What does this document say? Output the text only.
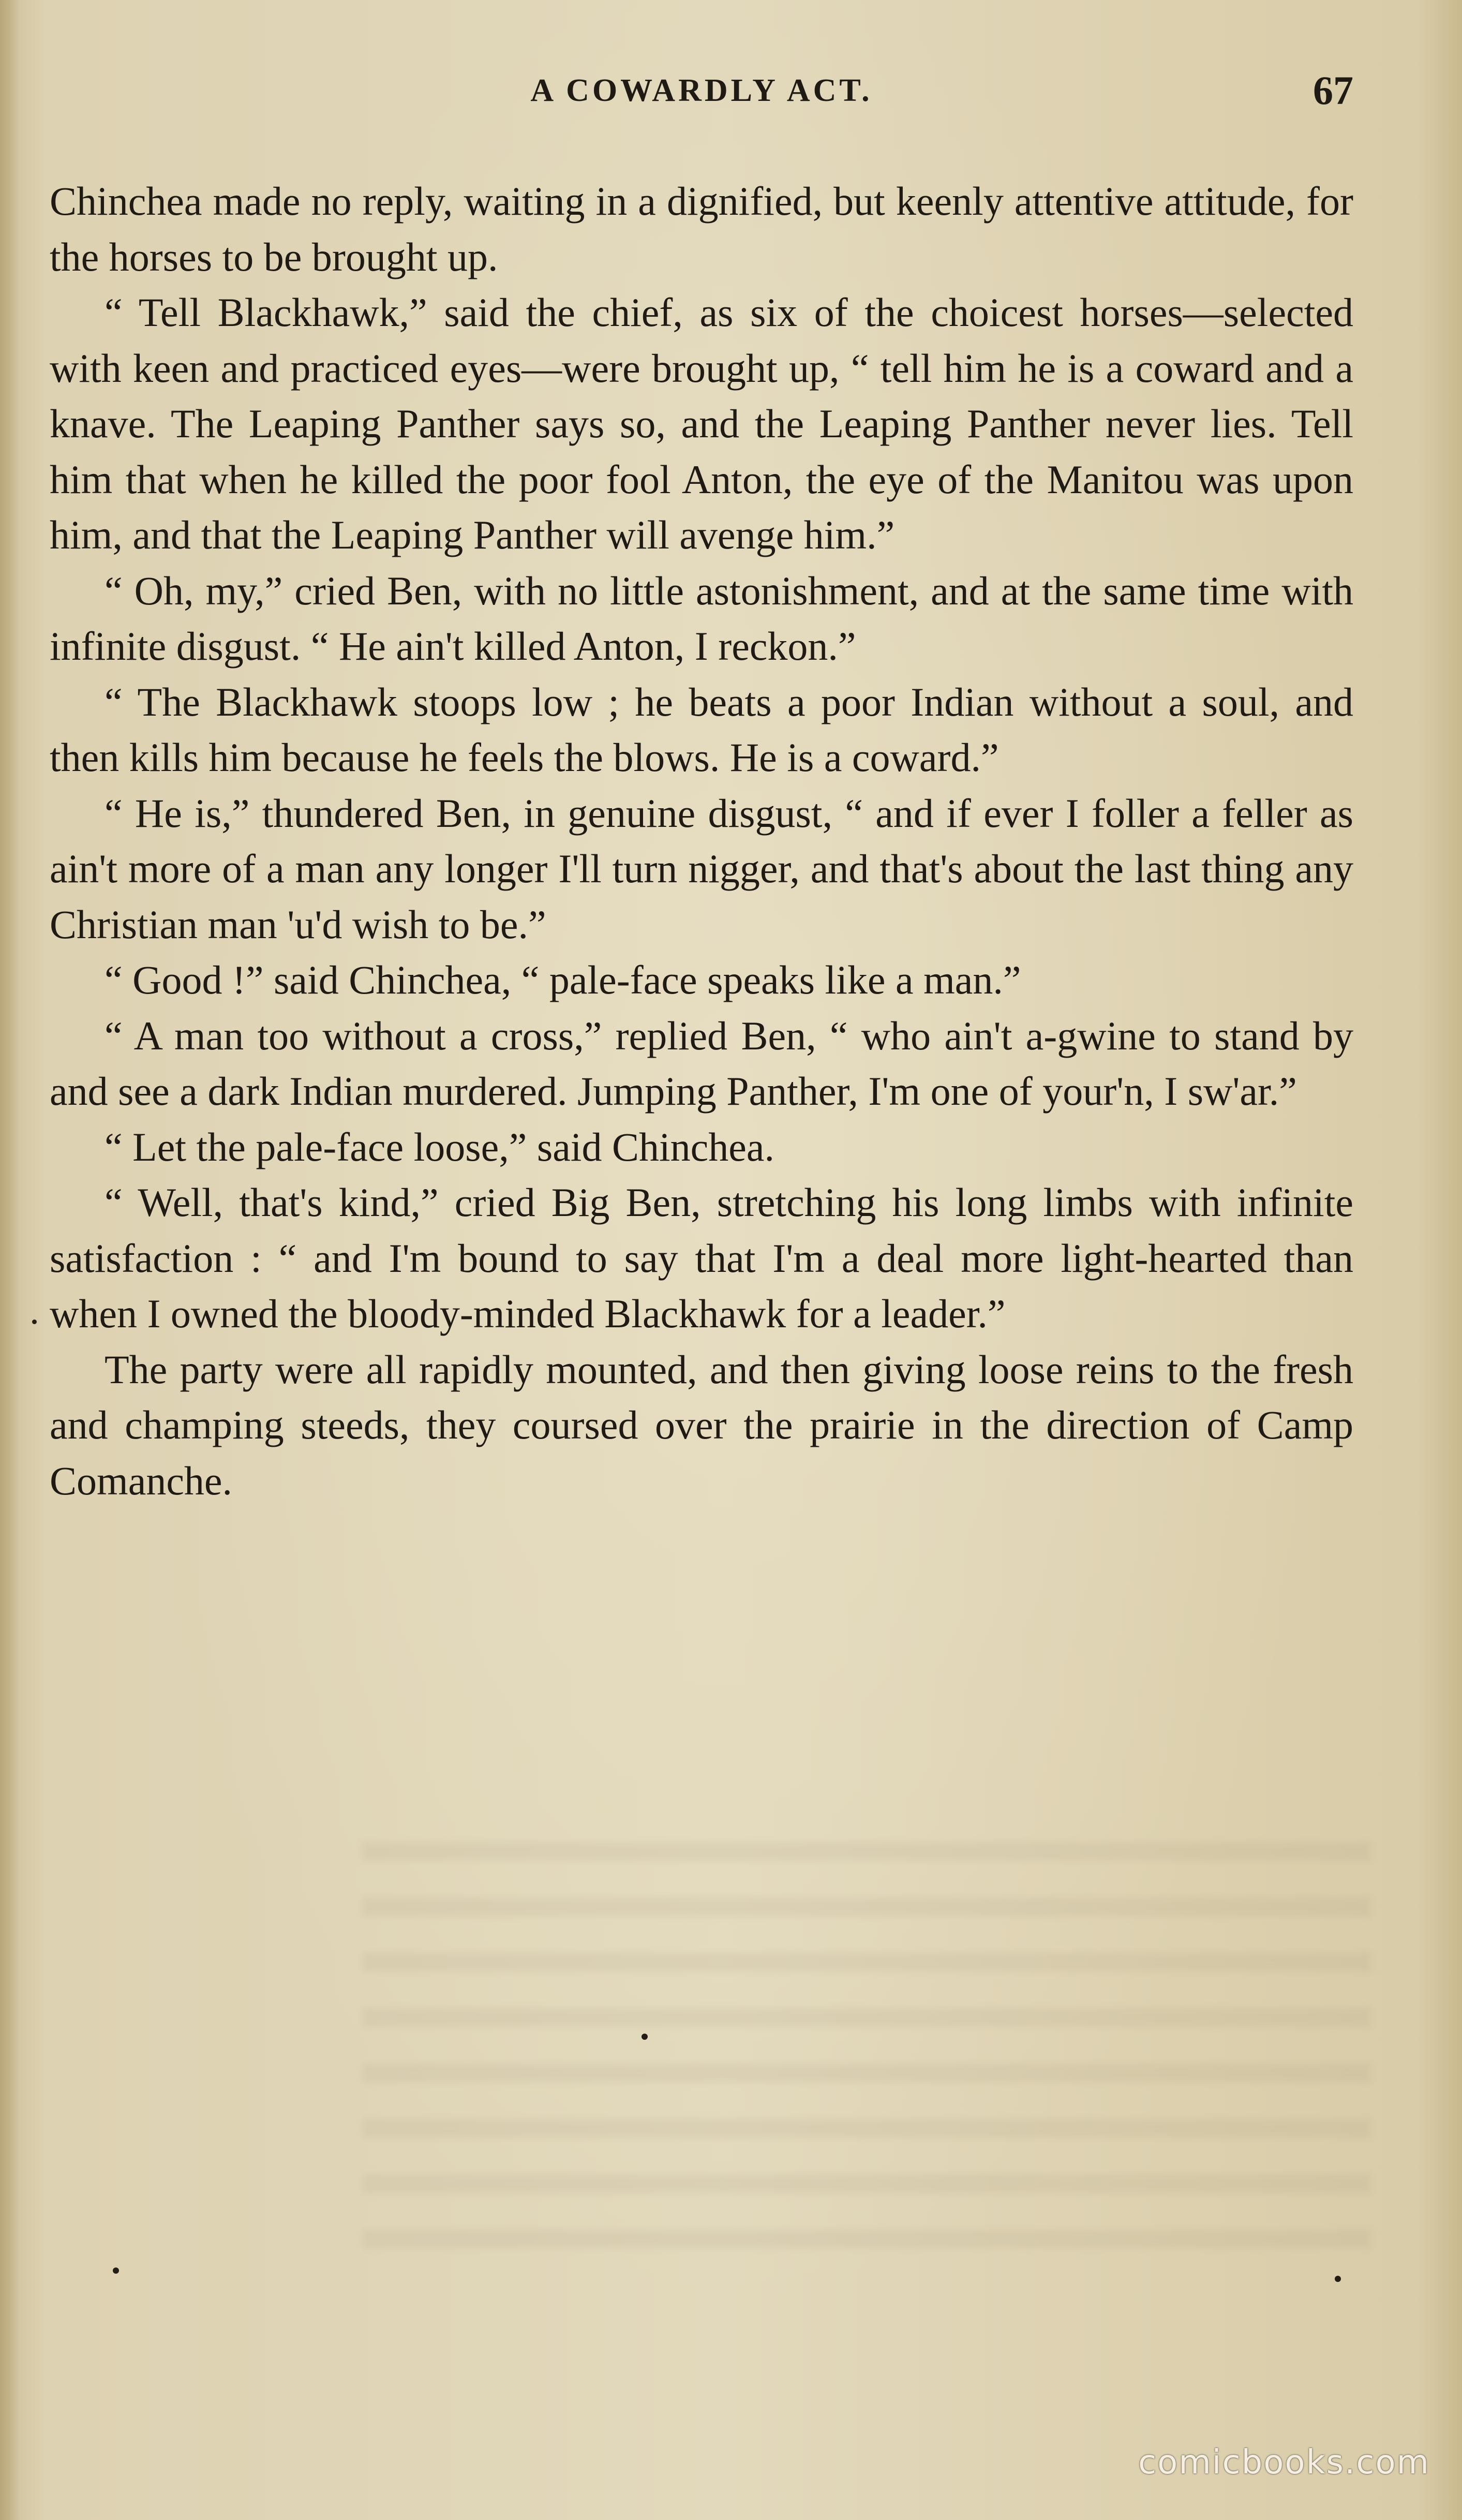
A COWARDLY ACT.	67

Chinchea made no reply, waiting in a dignified, but keenly attentive attitude, for the horses to be brought up.

“ Tell Blackhawk,” said the chief, as six of the choicest horses—selected with keen and practiced eyes—were brought up, “ tell him he is a coward and a knave. The Leaping Panther says so, and the Leaping Panther never lies. Tell him that when he killed the poor fool Anton, the eye of the Manitou was upon him, and that the Leaping Panther will avenge him.”

“ Oh, my,” cried Ben, with no little astonishment, and at the same time with infinite disgust. “ He ain't killed Anton, I reckon.”

“ The Blackhawk stoops low ; he beats a poor Indian without a soul, and then kills him because he feels the blows. He is a coward.”

“ He is,” thundered Ben, in genuine disgust, “ and if ever I foller a feller as ain't more of a man any longer I'll turn nigger, and that's about the last thing any Christian man 'u'd wish to be.”

“ Good !” said Chinchea, “ pale-face speaks like a man.”

“ A man too without a cross,” replied Ben, “ who ain't a-gwine to stand by and see a dark Indian murdered. Jumping Panther, I'm one of your'n, I sw'ar.”

“ Let the pale-face loose,” said Chinchea.

“ Well, that's kind,” cried Big Ben, stretching his long limbs with infinite satisfaction : “ and I'm bound to say that I'm a deal more light-hearted than when I owned the bloody-minded Blackhawk for a leader.”

The party were all rapidly mounted, and then giving loose reins to the fresh and champing steeds, they coursed over the prairie in the direction of Camp Comanche.

comicbooks.com
